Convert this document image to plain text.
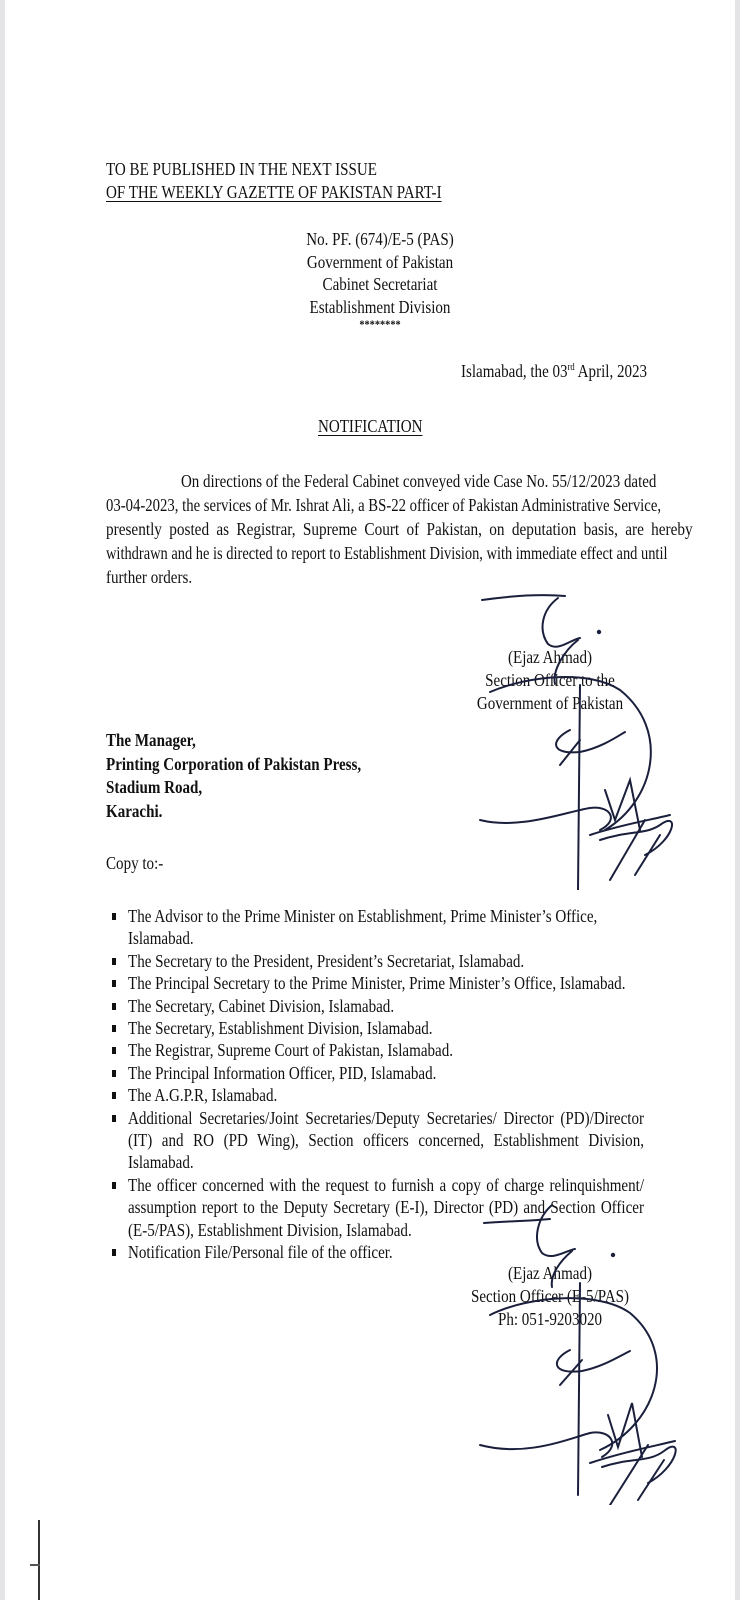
TO BE PUBLISHED IN THE NEXT ISSUE
OF THE WEEKLY GAZETTE OF PAKISTAN PART-I
No. PF. (674)/E-5 (PAS)
Government of Pakistan
Cabinet Secretariat
Establishment Division
********
Islamabad, the 03rd April, 2023
NOTIFICATION
On directions of the Federal Cabinet conveyed vide Case No. 55/12/2023 dated
03-04-2023, the services of Mr. Ishrat Ali, a BS-22 officer of Pakistan Administrative Service,
presently posted as Registrar, Supreme Court of Pakistan, on deputation basis, are hereby
withdrawn and he is directed to report to Establishment Division, with immediate effect and until
further orders.
(Ejaz Ahmad)
Section Officer to the
Government of Pakistan
The Manager,
Printing Corporation of Pakistan Press,
Stadium Road,
Karachi.
Copy to:-
The Advisor to the Prime Minister on Establishment, Prime Minister’s Office, Islamabad.
The Secretary to the President, President’s Secretariat, Islamabad.
The Principal Secretary to the Prime Minister, Prime Minister’s Office, Islamabad.
The Secretary, Cabinet Division, Islamabad.
The Secretary, Establishment Division, Islamabad.
The Registrar, Supreme Court of Pakistan, Islamabad.
The Principal Information Officer, PID, Islamabad.
The A.G.P.R, Islamabad.
Additional Secretaries/Joint Secretaries/Deputy Secretaries/ Director (PD)/Director (IT) and RO (PD Wing), Section officers concerned, Establishment Division, Islamabad.
The officer concerned with the request to furnish a copy of charge relinquishment/ assumption report to the Deputy Secretary (E-I), Director (PD) and Section Officer (E-5/PAS), Establishment Division, Islamabad.
Notification File/Personal file of the officer.
(Ejaz Ahmad)
Section Officer (E-5/PAS)
Ph: 051-9203020
